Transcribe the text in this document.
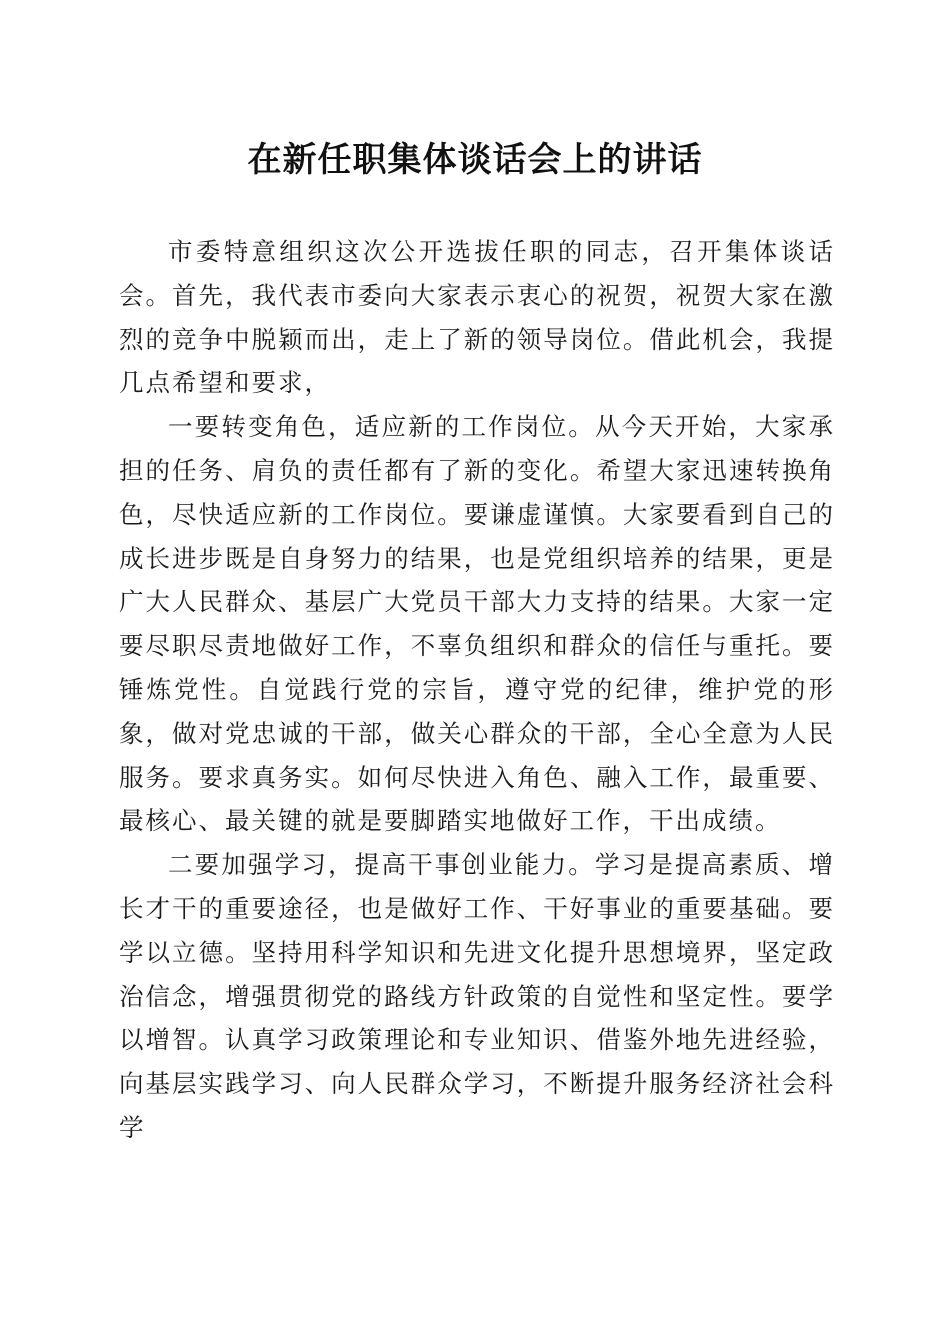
在新任职集体谈话会上的讲话

市委特意组织这次公开选拔任职的同志，召开集体谈话会。首先，我代表市委向大家表示衷心的祝贺，祝贺大家在激烈的竞争中脱颖而出，走上了新的领导岗位。借此机会，我提几点希望和要求，

一要转变角色，适应新的工作岗位。从今天开始，大家承担的任务、肩负的责任都有了新的变化。希望大家迅速转换角色，尽快适应新的工作岗位。要谦虚谨慎。大家要看到自己的成长进步既是自身努力的结果，也是党组织培养的结果，更是广大人民群众、基层广大党员干部大力支持的结果。大家一定要尽职尽责地做好工作，不辜负组织和群众的信任与重托。要锤炼党性。自觉践行党的宗旨，遵守党的纪律，维护党的形象，做对党忠诚的干部，做关心群众的干部，全心全意为人民服务。要求真务实。如何尽快进入角色、融入工作，最重要、最核心、最关键的就是要脚踏实地做好工作，干出成绩。

二要加强学习，提高干事创业能力。学习是提高素质、增长才干的重要途径，也是做好工作、干好事业的重要基础。要学以立德。坚持用科学知识和先进文化提升思想境界，坚定政治信念，增强贯彻党的路线方针政策的自觉性和坚定性。要学以增智。认真学习政策理论和专业知识、借鉴外地先进经验，向基层实践学习、向人民群众学习，不断提升服务经济社会科学
